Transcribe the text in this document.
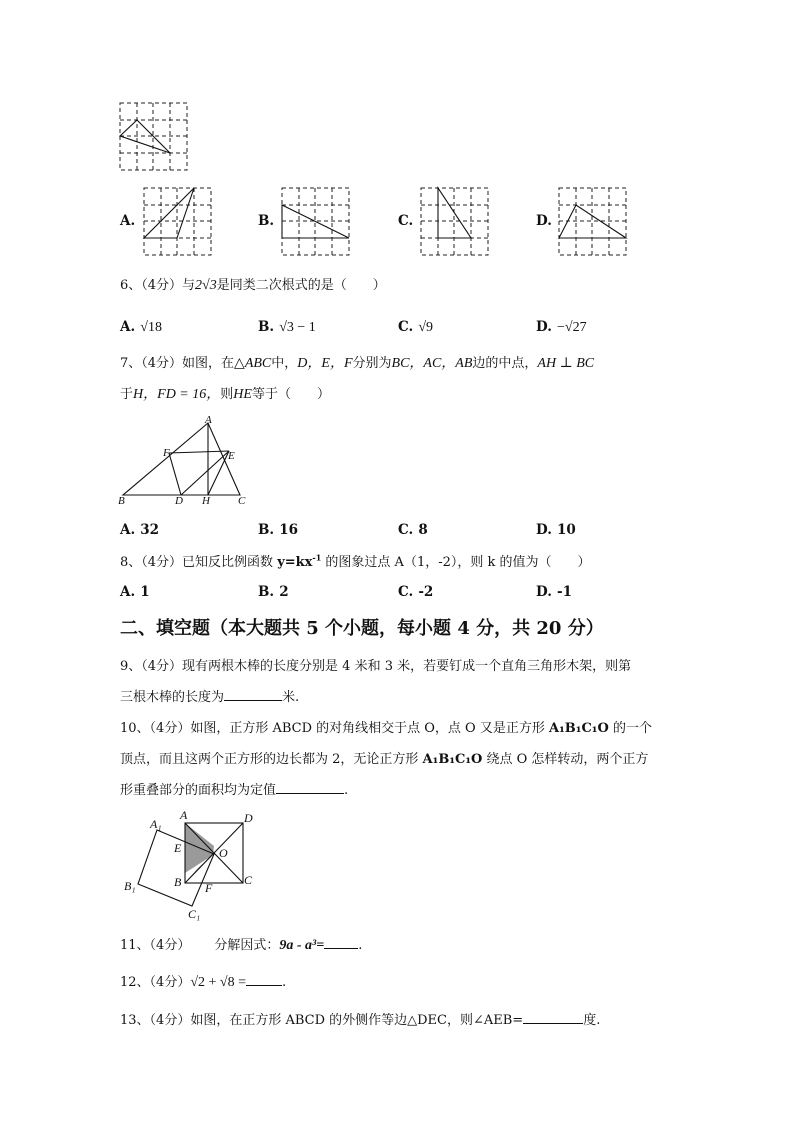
A.	B.	C.	D.
6、（4分）与2√3是同类二次根式的是（　　）
A. √18	B. √3 − 1	C. √9	D. −√27
7、（4分）如图，在△ABC中，D，E，F分别为BC，AC，AB边的中点，AH ⊥ BC
于H，FD = 16，则HE等于（　　）
A
B	C
D
E
F
H
A. 32	B. 16	C. 8	D. 10
8、（4分）已知反比例函数 $y=kx^{-1}$ 的图象过点 A（1，-2），则 k 的值为（　　）
A. 1	B. 2	C. -2	D. -1
二、填空题（本大题共 5 个小题，每小题 4 分，共 20 分）
9、（4分）现有两根木棒的长度分别是 4 米和 3 米，若要钉成一个直角三角形木架，则第
三根木棒的长度为	米.
10、（4分）如图，正方形 ABCD 的对角线相交于点 O，点 O 又是正方形 A₁B₁C₁O 的一个
顶点，而且这两个正方形的边长都为 2，无论正方形 A₁B₁C₁O 绕点 O 怎样转动，两个正方
形重叠部分的面积均为定值	.
A₁
A	D
E	O
B F
C
B₁
C₁
11、（4分） 分解因式：9a - a³=	.
12、（4分）√2 + √8 =	.
13、（4分）如图，在正方形 ABCD 的外侧作等边△DEC，则∠AEB=	度.
